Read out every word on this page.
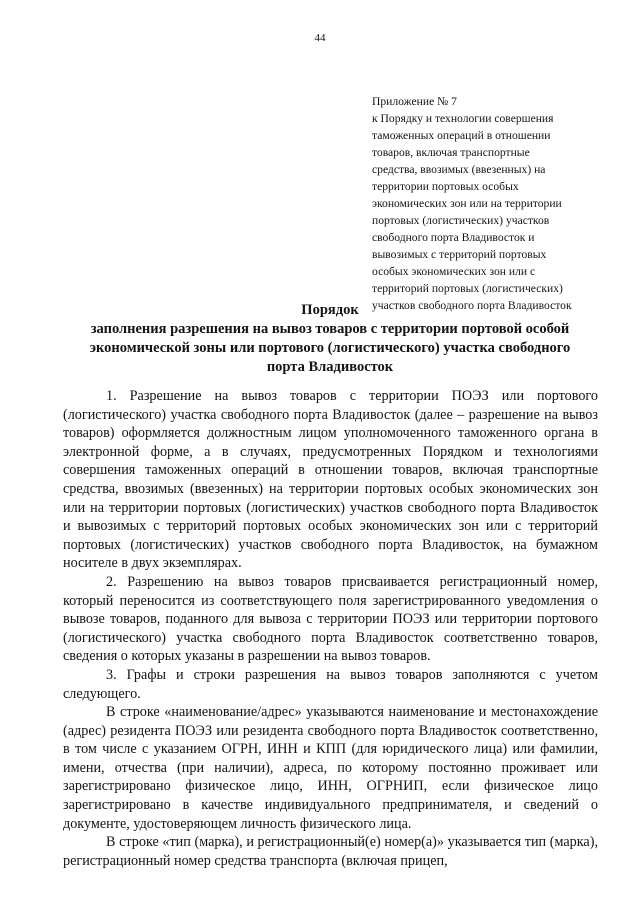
44
Приложение № 7
к Порядку и технологии совершения
таможенных операций в отношении
товаров, включая транспортные
средства, ввозимых (ввезенных) на
территории портовых особых
экономических зон или на территории
портовых (логистических) участков
свободного порта Владивосток и
вывозимых с территорий портовых
особых экономических зон или с
территорий портовых (логистических)
участков свободного порта Владивосток
Порядок
заполнения разрешения на вывоз товаров с территории портовой особой
экономической зоны или портового (логистического) участка свободного
порта Владивосток

1. Разрешение на вывоз товаров с территории ПОЭЗ или портового (логистического) участка свободного порта Владивосток (далее – разрешение на вывоз товаров) оформляется должностным лицом уполномоченного таможенного органа в электронной форме, а в случаях, предусмотренных Порядком и технологиями совершения таможенных операций в отношении товаров, включая транспортные средства, ввозимых (ввезенных) на территории портовых особых экономических зон или на территории портовых (логистических) участков свободного порта Владивосток и вывозимых с территорий портовых особых экономических зон или с территорий портовых (логистических) участков свободного порта Владивосток, на бумажном носителе в двух экземплярах.

2. Разрешению на вывоз товаров присваивается регистрационный номер, который переносится из соответствующего поля зарегистрированного уведомления о вывозе товаров, поданного для вывоза с территории ПОЭЗ или территории портового (логистического) участка свободного порта Владивосток соответственно товаров, сведения о которых указаны в разрешении на вывоз товаров.

3. Графы и строки разрешения на вывоз товаров заполняются с учетом следующего.

В строке «наименование/адрес» указываются наименование и местонахождение (адрес) резидента ПОЭЗ или резидента свободного порта Владивосток соответственно, в том числе с указанием ОГРН, ИНН и КПП (для юридического лица) или фамилии, имени, отчества (при наличии), адреса, по которому постоянно проживает или зарегистрировано физическое лицо, ИНН, ОГРНИП, если физическое лицо зарегистрировано в качестве индивидуального предпринимателя, и сведений о документе, удостоверяющем личность физического лица.

В строке «тип (марка), и регистрационный(е) номер(а)» указывается тип (марка), регистрационный номер средства транспорта (включая прицеп,
